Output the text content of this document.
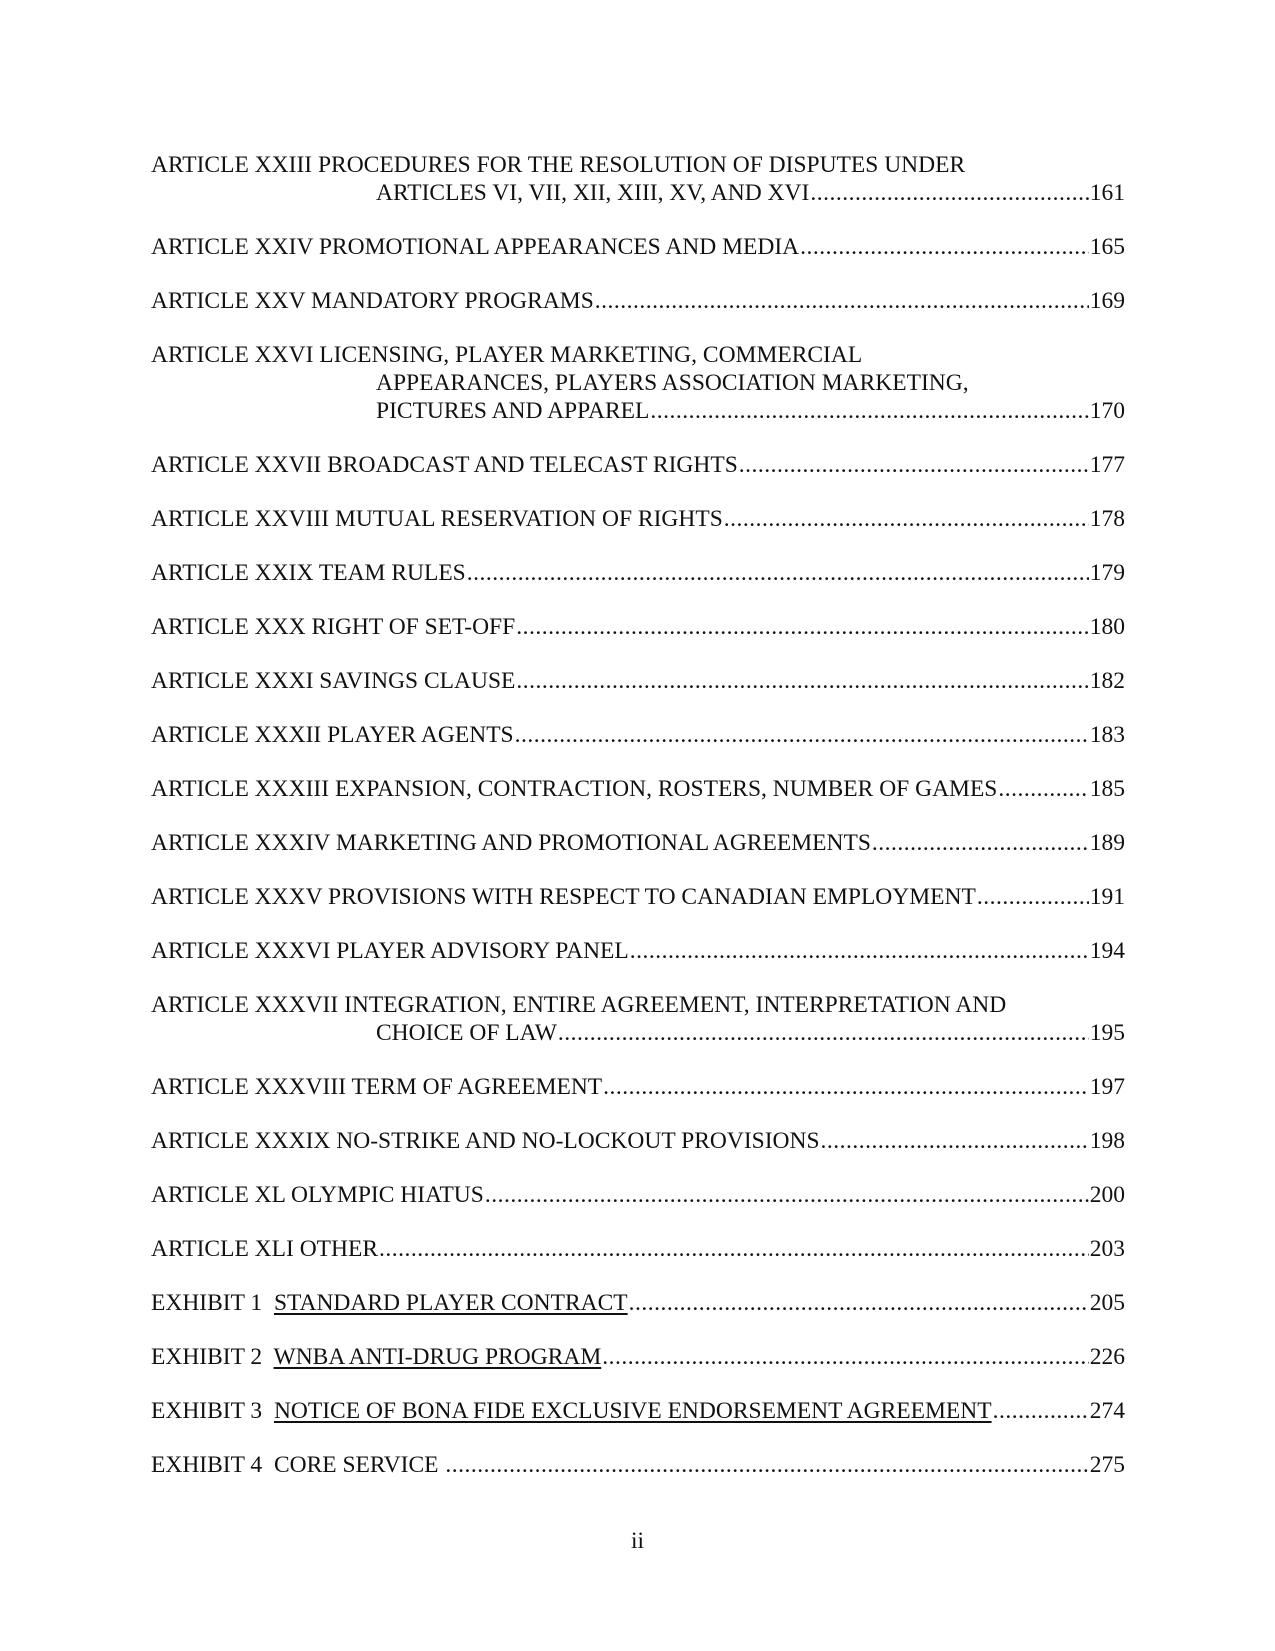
ARTICLE XXIII PROCEDURES FOR THE RESOLUTION OF DISPUTES UNDER
ARTICLES VI, VII, XII, XIII, XV, AND XVI .....	161
ARTICLE XXIV PROMOTIONAL APPEARANCES AND MEDIA .....	165
ARTICLE XXV MANDATORY PROGRAMS .....	169
ARTICLE XXVI LICENSING, PLAYER MARKETING, COMMERCIAL
APPEARANCES, PLAYERS ASSOCIATION MARKETING,
PICTURES AND APPAREL .....	170
ARTICLE XXVII BROADCAST AND TELECAST RIGHTS .....	177
ARTICLE XXVIII MUTUAL RESERVATION OF RIGHTS .....	178
ARTICLE XXIX TEAM RULES .....	179
ARTICLE XXX RIGHT OF SET-OFF .....	180
ARTICLE XXXI SAVINGS CLAUSE .....	182
ARTICLE XXXII PLAYER AGENTS .....	183
ARTICLE XXXIII EXPANSION, CONTRACTION, ROSTERS, NUMBER OF GAMES .....	185
ARTICLE XXXIV MARKETING AND PROMOTIONAL AGREEMENTS .....	189
ARTICLE XXXV PROVISIONS WITH RESPECT TO CANADIAN EMPLOYMENT .....	191
ARTICLE XXXVI PLAYER ADVISORY PANEL .....	194
ARTICLE XXXVII INTEGRATION, ENTIRE AGREEMENT, INTERPRETATION AND
CHOICE OF LAW .....	195
ARTICLE XXXVIII TERM OF AGREEMENT .....	197
ARTICLE XXXIX NO-STRIKE AND NO-LOCKOUT PROVISIONS .....	198
ARTICLE XL OLYMPIC HIATUS .....	200
ARTICLE XLI OTHER .....	203
EXHIBIT 1  STANDARD PLAYER CONTRACT .....	205
EXHIBIT 2  WNBA ANTI-DRUG PROGRAM .....	226
EXHIBIT 3  NOTICE OF BONA FIDE EXCLUSIVE ENDORSEMENT AGREEMENT .....	274
EXHIBIT 4  CORE SERVICE .....	275
ii
